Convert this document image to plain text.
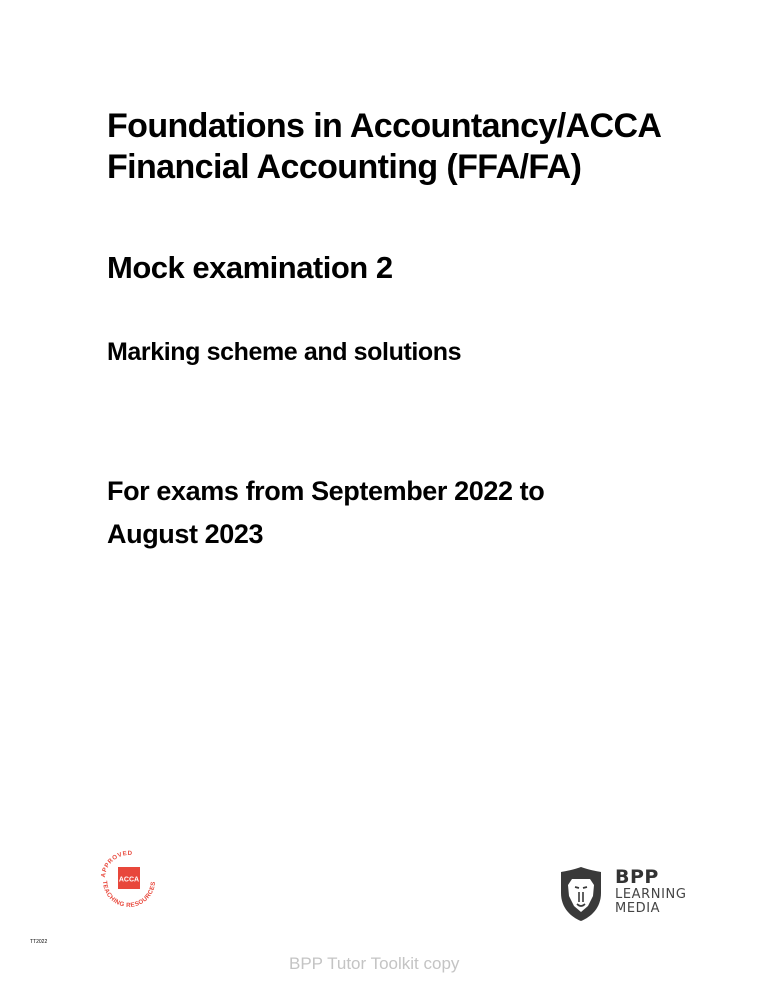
Foundations in Accountancy/ACCA
Financial Accounting (FFA/FA)
Mock examination 2
Marking scheme and solutions
For exams from September 2022 to
August 2023
ACCA
APPROVED
TEACHING RESOURCES	BPP
LEARNING
MEDIA
TT2022
BPP Tutor Toolkit copy
